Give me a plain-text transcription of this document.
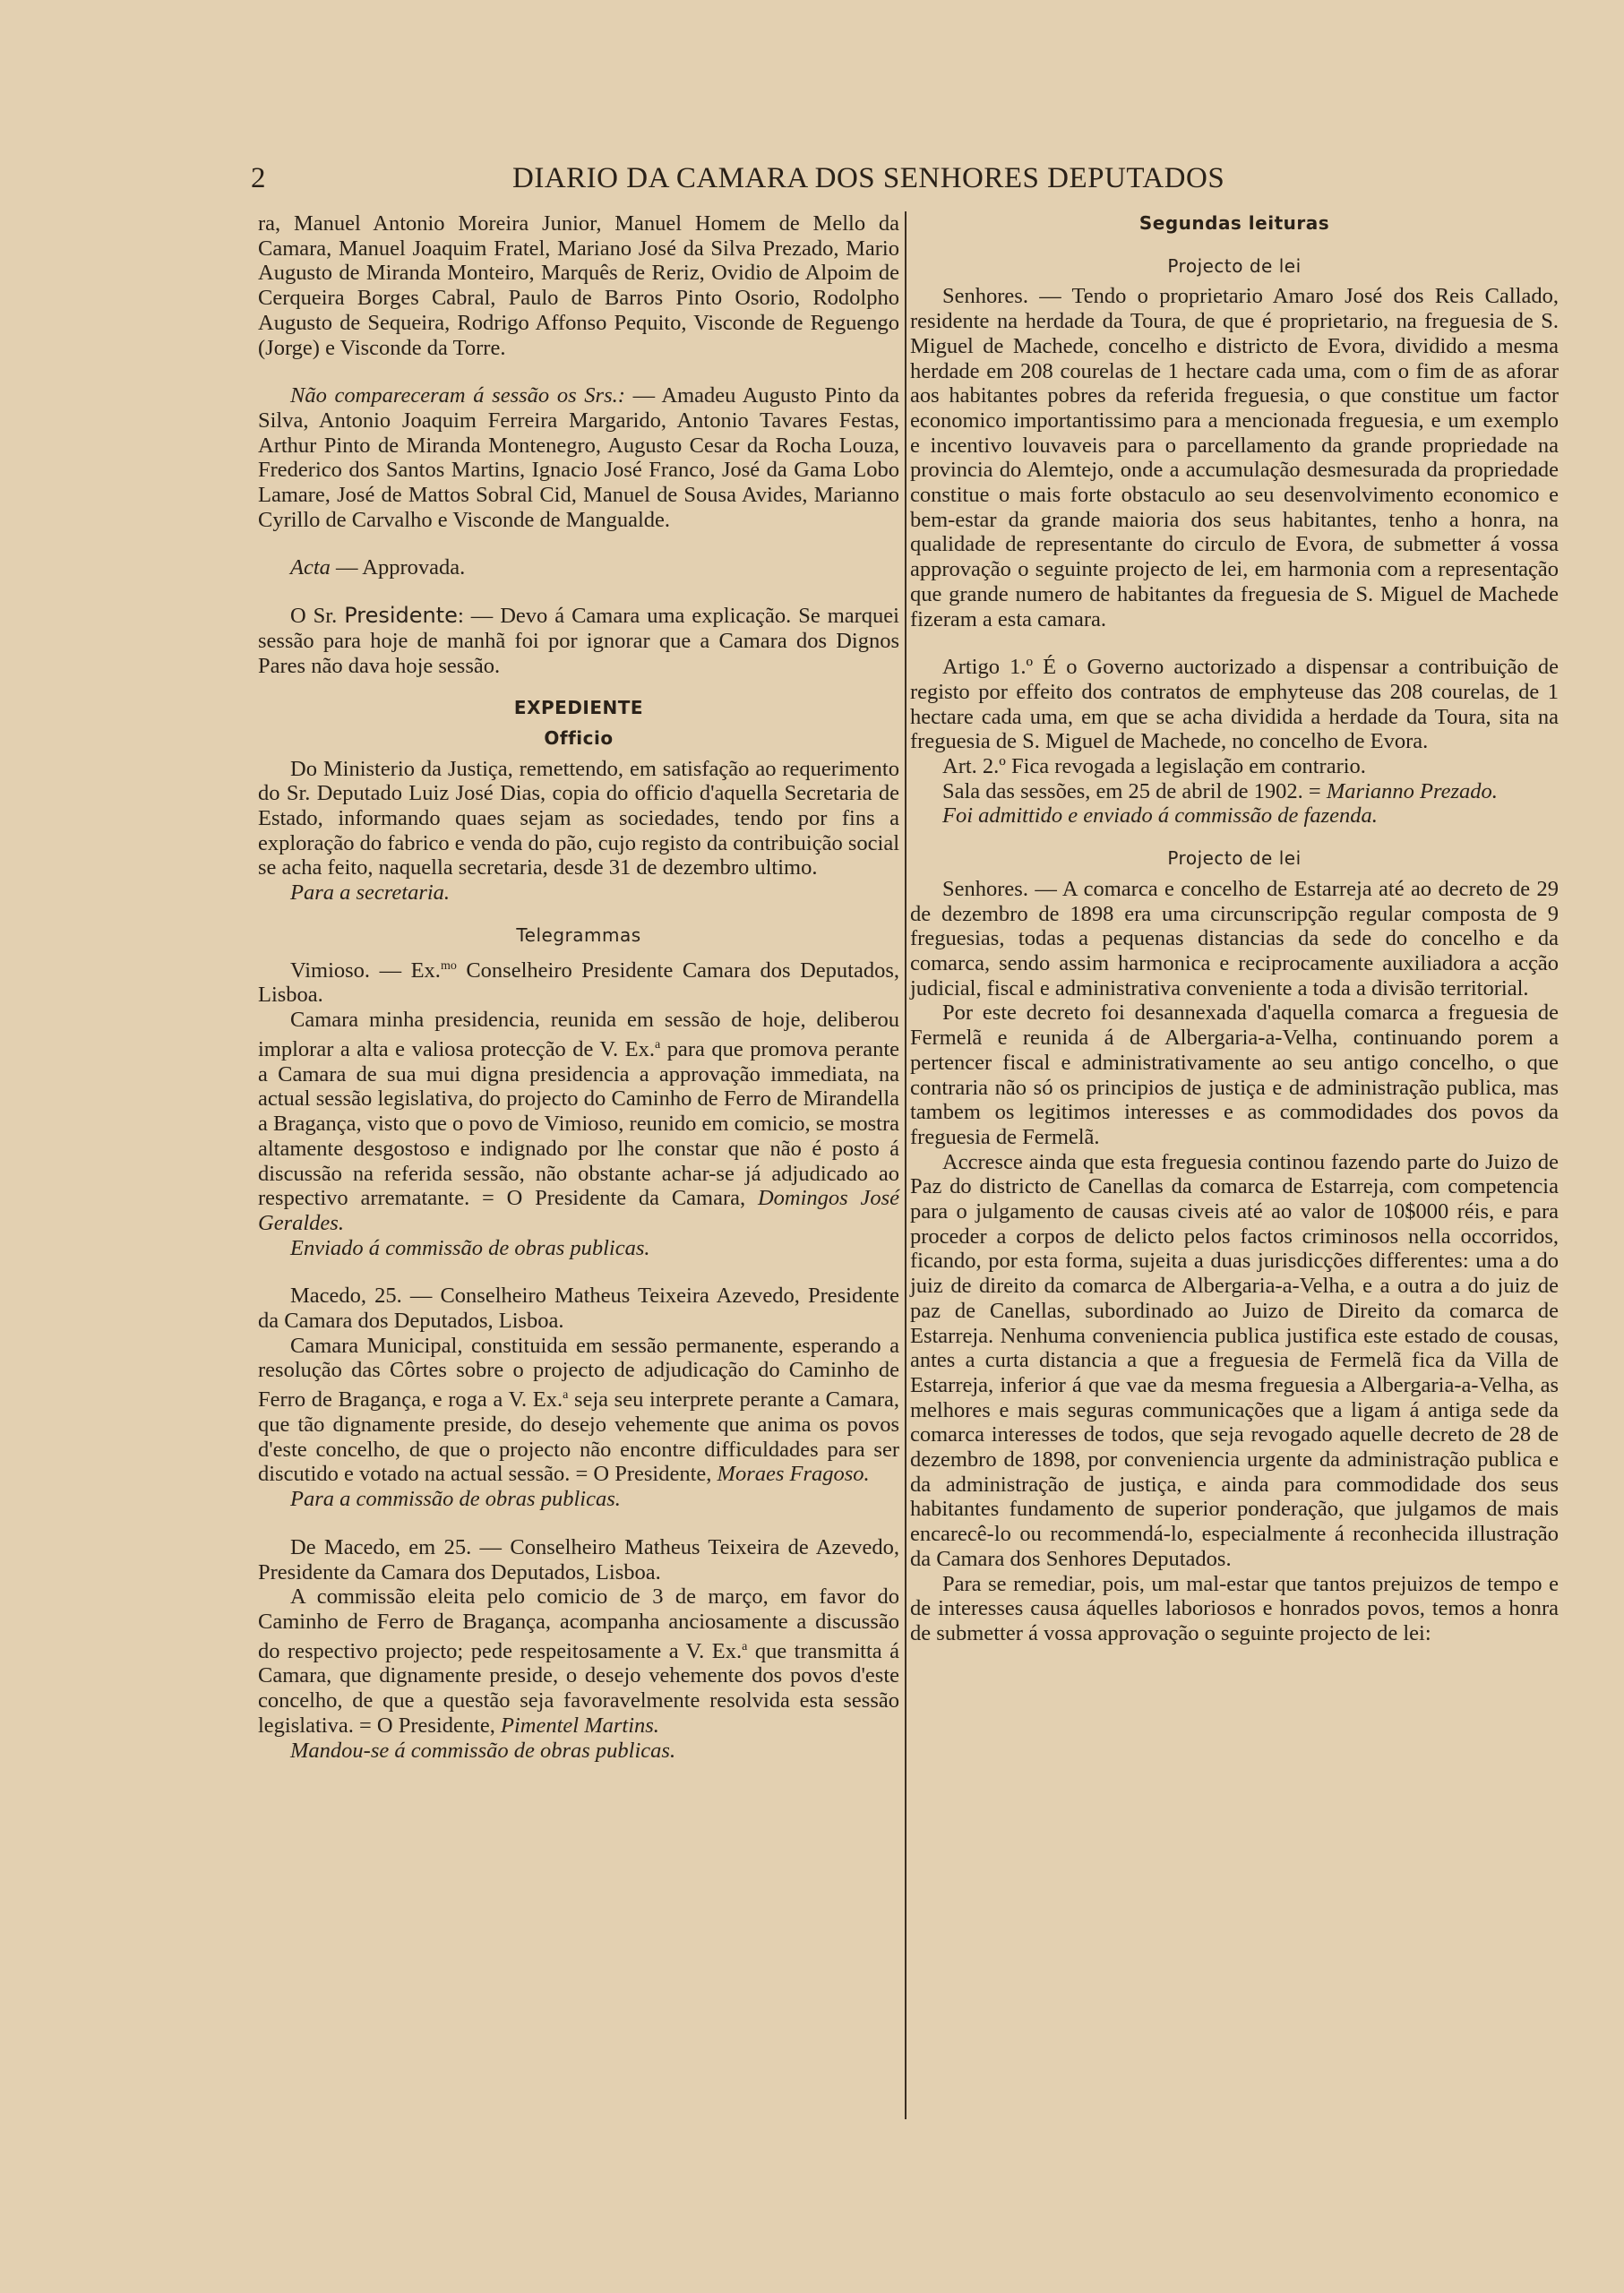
2	DIARIO DA CAMARA DOS SENHORES DEPUTADOS

ra, Manuel Antonio Moreira Junior, Manuel Homem de Mello da Camara, Manuel Joaquim Fratel, Mariano José da Silva Prezado, Mario Augusto de Miranda Monteiro, Marquês de Reriz, Ovidio de Alpoim de Cerqueira Borges Cabral, Paulo de Barros Pinto Osorio, Rodolpho Augusto de Sequeira, Rodrigo Affonso Pequito, Visconde de Reguengo (Jorge) e Visconde da Torre.

Não compareceram á sessão os Srs.: — Amadeu Augusto Pinto da Silva, Antonio Joaquim Ferreira Margarido, Antonio Tavares Festas, Arthur Pinto de Miranda Montenegro, Augusto Cesar da Rocha Louza, Frederico dos Santos Martins, Ignacio José Franco, José da Gama Lobo Lamare, José de Mattos Sobral Cid, Manuel de Sousa Avides, Marianno Cyrillo de Carvalho e Visconde de Mangualde.

Acta — Approvada.

O Sr. Presidente: — Devo á Camara uma explicação. Se marquei sessão para hoje de manhã foi por ignorar que a Camara dos Dignos Pares não dava hoje sessão.

EXPEDIENTE
Officio

Do Ministerio da Justiça, remettendo, em satisfação ao requerimento do Sr. Deputado Luiz José Dias, copia do officio d'aquella Secretaria de Estado, informando quaes sejam as sociedades, tendo por fins a exploração do fabrico e venda do pão, cujo registo da contribuição social se acha feito, naquella secretaria, desde 31 de dezembro ultimo.

Para a secretaria.

Telegrammas

Vimioso. — Ex.$^{mo}$ Conselheiro Presidente Camara dos Deputados, Lisboa.

Camara minha presidencia, reunida em sessão de hoje, deliberou implorar a alta e valiosa protecção de V. Ex.$^a$ para que promova perante a Camara de sua mui digna presidencia a approvação immediata, na actual sessão legislativa, do projecto do Caminho de Ferro de Mirandella a Bragança, visto que o povo de Vimioso, reunido em comicio, se mostra altamente desgostoso e indignado por lhe constar que não é posto á discussão na referida sessão, não obstante achar-se já adjudicado ao respectivo arrematante. = O Presidente da Camara, Domingos José Geraldes.

Enviado á commissão de obras publicas.

Macedo, 25. — Conselheiro Matheus Teixeira Azevedo, Presidente da Camara dos Deputados, Lisboa.

Camara Municipal, constituida em sessão permanente, esperando a resolução das Côrtes sobre o projecto de adjudicação do Caminho de Ferro de Bragança, e roga a V. Ex.$^a$ seja seu interprete perante a Camara, que tão dignamente preside, do desejo vehemente que anima os povos d'este concelho, de que o projecto não encontre difficuldades para ser discutido e votado na actual sessão. = O Presidente, Moraes Fragoso.

Para a commissão de obras publicas.

De Macedo, em 25. — Conselheiro Matheus Teixeira de Azevedo, Presidente da Camara dos Deputados, Lisboa.

A commissão eleita pelo comicio de 3 de março, em favor do Caminho de Ferro de Bragança, acompanha anciosamente a discussão do respectivo projecto; pede respeitosamente a V. Ex.$^a$ que transmitta á Camara, que dignamente preside, o desejo vehemente dos povos d'este concelho, de que a questão seja favoravelmente resolvida esta sessão legislativa. = O Presidente, Pimentel Martins.

Mandou-se á commissão de obras publicas.

Segundas leituras
Projecto de lei

Senhores. — Tendo o proprietario Amaro José dos Reis Callado, residente na herdade da Toura, de que é proprietario, na freguesia de S. Miguel de Machede, concelho e districto de Evora, dividido a mesma herdade em 208 courelas de 1 hectare cada uma, com o fim de as aforar aos habitantes pobres da referida freguesia, o que constitue um factor economico importantissimo para a mencionada freguesia, e um exemplo e incentivo louvaveis para o parcellamento da grande propriedade na provincia do Alemtejo, onde a accumulação desmesurada da propriedade constitue o mais forte obstaculo ao seu desenvolvimento economico e bem-estar da grande maioria dos seus habitantes, tenho a honra, na qualidade de representante do circulo de Evora, de submetter á vossa approvação o seguinte projecto de lei, em harmonia com a representação que grande numero de habitantes da freguesia de S. Miguel de Machede fizeram a esta camara.

Artigo 1.º É o Governo auctorizado a dispensar a contribuição de registo por effeito dos contratos de emphyteuse das 208 courelas, de 1 hectare cada uma, em que se acha dividida a herdade da Toura, sita na freguesia de S. Miguel de Machede, no concelho de Evora.

Art. 2.º Fica revogada a legislação em contrario.

Sala das sessões, em 25 de abril de 1902. = Marianno Prezado.

Foi admittido e enviado á commissão de fazenda.

Projecto de lei

Senhores. — A comarca e concelho de Estarreja até ao decreto de 29 de dezembro de 1898 era uma circunscripção regular composta de 9 freguesias, todas a pequenas distancias da sede do concelho e da comarca, sendo assim harmonica e reciprocamente auxiliadora a acção judicial, fiscal e administrativa conveniente a toda a divisão territorial.

Por este decreto foi desannexada d'aquella comarca a freguesia de Fermelã e reunida á de Albergaria-a-Velha, continuando porem a pertencer fiscal e administrativamente ao seu antigo concelho, o que contraria não só os principios de justiça e de administração publica, mas tambem os legitimos interesses e as commodidades dos povos da freguesia de Fermelã.

Accresce ainda que esta freguesia continou fazendo parte do Juizo de Paz do districto de Canellas da comarca de Estarreja, com competencia para o julgamento de causas civeis até ao valor de 10$000 réis, e para proceder a corpos de delicto pelos factos criminosos nella occorridos, ficando, por esta forma, sujeita a duas jurisdicções differentes: uma a do juiz de direito da comarca de Albergaria-a-Velha, e a outra a do juiz de paz de Canellas, subordinado ao Juizo de Direito da comarca de Estarreja. Nenhuma conveniencia publica justifica este estado de cousas, antes a curta distancia a que a freguesia de Fermelã fica da Villa de Estarreja, inferior á que vae da mesma freguesia a Albergaria-a-Velha, as melhores e mais seguras communicações que a ligam á antiga sede da comarca interesses de todos, que seja revogado aquelle decreto de 28 de dezembro de 1898, por conveniencia urgente da administração publica e da administração de justiça, e ainda para commodidade dos seus habitantes fundamento de superior ponderação, que julgamos de mais encarecê-lo ou recommendá-lo, especialmente á reconhecida illustração da Camara dos Senhores Deputados.

Para se remediar, pois, um mal-estar que tantos prejuizos de tempo e de interesses causa áquelles laboriosos e honrados povos, temos a honra de submetter á vossa approvação o seguinte projecto de lei:
